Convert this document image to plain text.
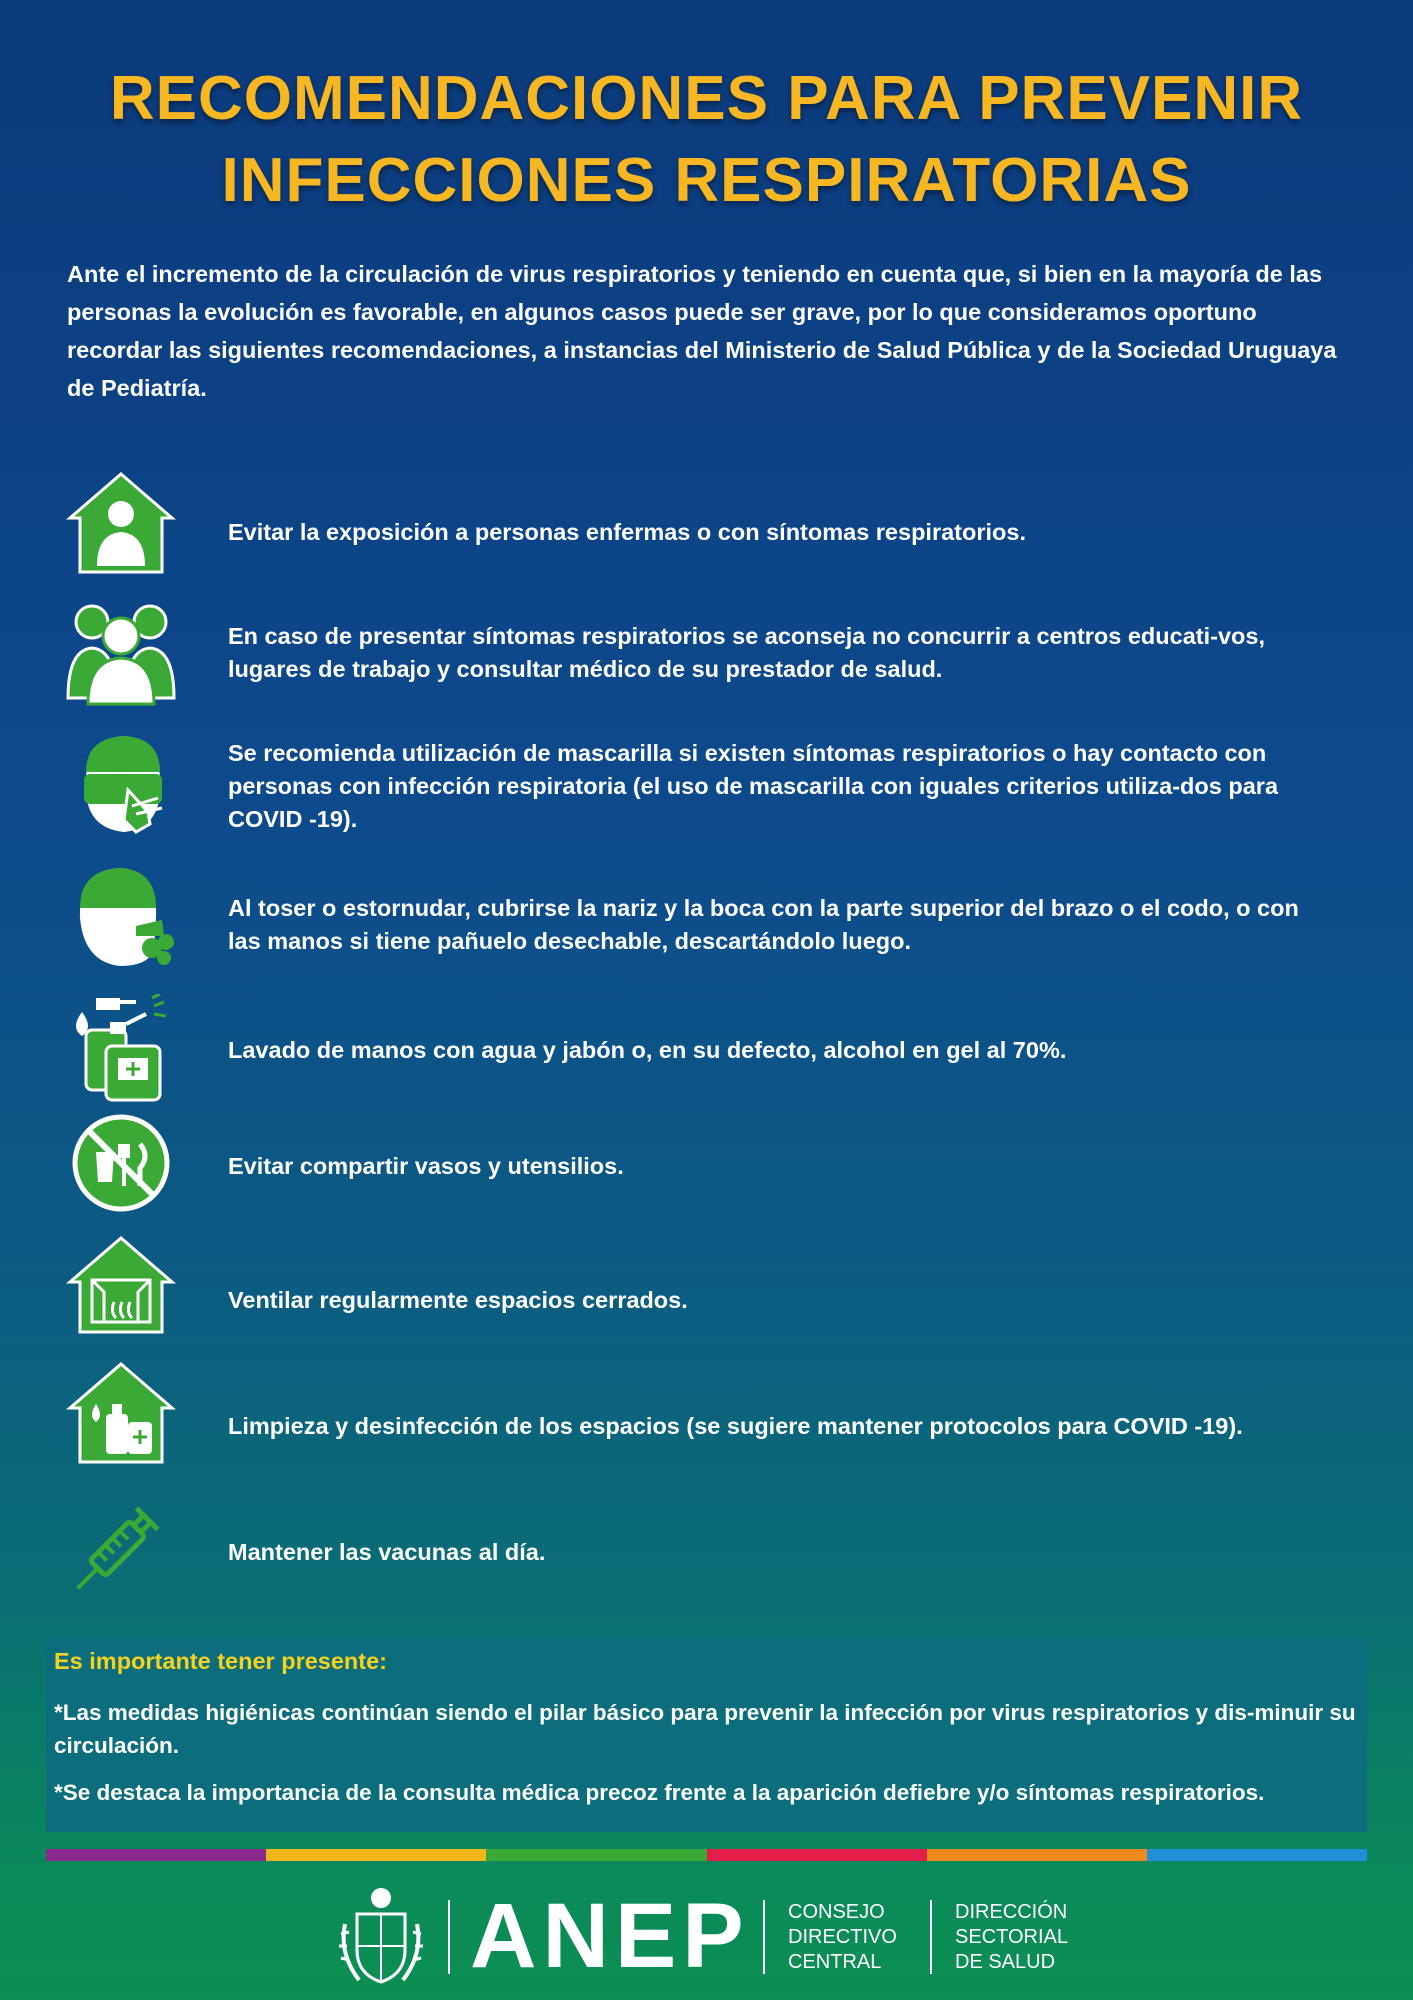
RECOMENDACIONES PARA PREVENIR
INFECCIONES RESPIRATORIAS
Ante el incremento de la circulación de virus respiratorios y teniendo en cuenta que, si bien en la mayoría de las personas la evolución es favorable, en algunos casos puede ser grave, por lo que consideramos oportuno recordar las siguientes recomendaciones, a instancias del Ministerio de Salud Pública y de la Sociedad Uruguaya de Pediatría.
Evitar la exposición a personas enfermas o con síntomas respiratorios.
En caso de presentar síntomas respiratorios se aconseja no concurrir a centros educati-vos, lugares de trabajo y consultar médico de su prestador de salud.
Se recomienda utilización de mascarilla si existen síntomas respiratorios o hay contacto con personas con infección respiratoria (el uso de mascarilla con iguales criterios utiliza-dos para COVID -19).
Al toser o estornudar, cubrirse la nariz y la boca con la parte superior del brazo o el codo, o con las manos si tiene pañuelo desechable, descartándolo luego.
Lavado de manos con agua y jabón o, en su defecto, alcohol en gel al 70%.
Evitar compartir vasos y utensilios.
Ventilar regularmente espacios cerrados.
Limpieza y desinfección de los espacios (se sugiere mantener protocolos para COVID -19).
Mantener las vacunas al día.
Es importante tener presente:
*Las medidas higiénicas continúan siendo el pilar básico para prevenir la infección por virus respiratorios y dis-minuir su circulación.
*Se destaca la importancia de la consulta médica precoz frente a la aparición defiebre y/o síntomas respiratorios.
ANEP CONSEJO
DIRECTIVO
CENTRAL
DIRECCIÓN
SECTORIAL
DE SALUD
